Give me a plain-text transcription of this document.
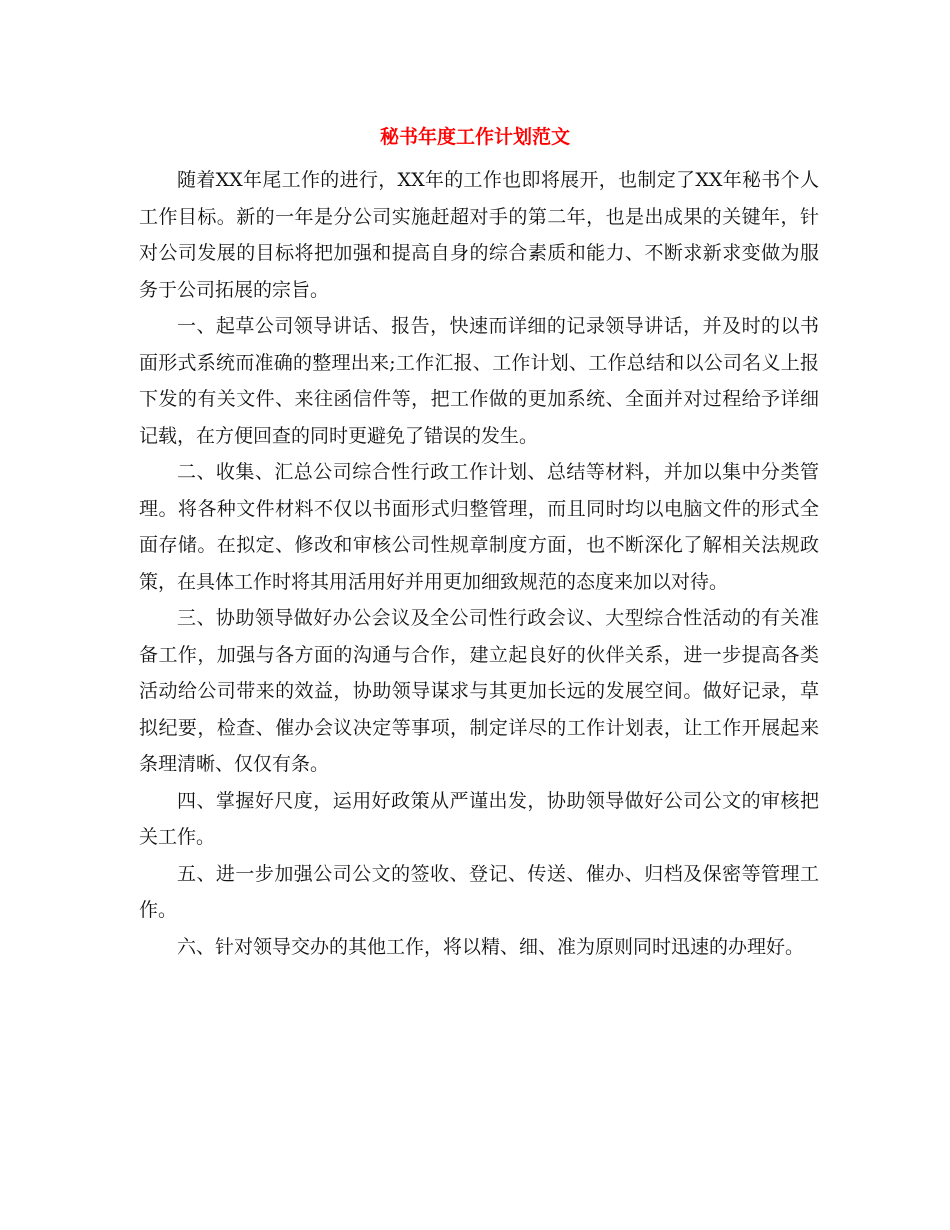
秘书年度工作计划范文

随着XX年尾工作的进行，XX年的工作也即将展开，也制定了XX年秘书个人工作目标。新的一年是分公司实施赶超对手的第二年，也是出成果的关键年，针对公司发展的目标将把加强和提高自身的综合素质和能力、不断求新求变做为服务于公司拓展的宗旨。

一、起草公司领导讲话、报告，快速而详细的记录领导讲话，并及时的以书面形式系统而准确的整理出来;工作汇报、工作计划、工作总结和以公司名义上报下发的有关文件、来往函信件等，把工作做的更加系统、全面并对过程给予详细记载，在方便回查的同时更避免了错误的发生。

二、收集、汇总公司综合性行政工作计划、总结等材料，并加以集中分类管理。将各种文件材料不仅以书面形式归整管理，而且同时均以电脑文件的形式全面存储。在拟定、修改和审核公司性规章制度方面，也不断深化了解相关法规政策，在具体工作时将其用活用好并用更加细致规范的态度来加以对待。

三、协助领导做好办公会议及全公司性行政会议、大型综合性活动的有关准备工作，加强与各方面的沟通与合作，建立起良好的伙伴关系，进一步提高各类活动给公司带来的效益，协助领导谋求与其更加长远的发展空间。做好记录，草拟纪要，检查、催办会议决定等事项，制定详尽的工作计划表，让工作开展起来条理清晰、仅仅有条。

四、掌握好尺度，运用好政策从严谨出发，协助领导做好公司公文的审核把关工作。

五、进一步加强公司公文的签收、登记、传送、催办、归档及保密等管理工作。

六、针对领导交办的其他工作，将以精、细、准为原则同时迅速的办理好。
